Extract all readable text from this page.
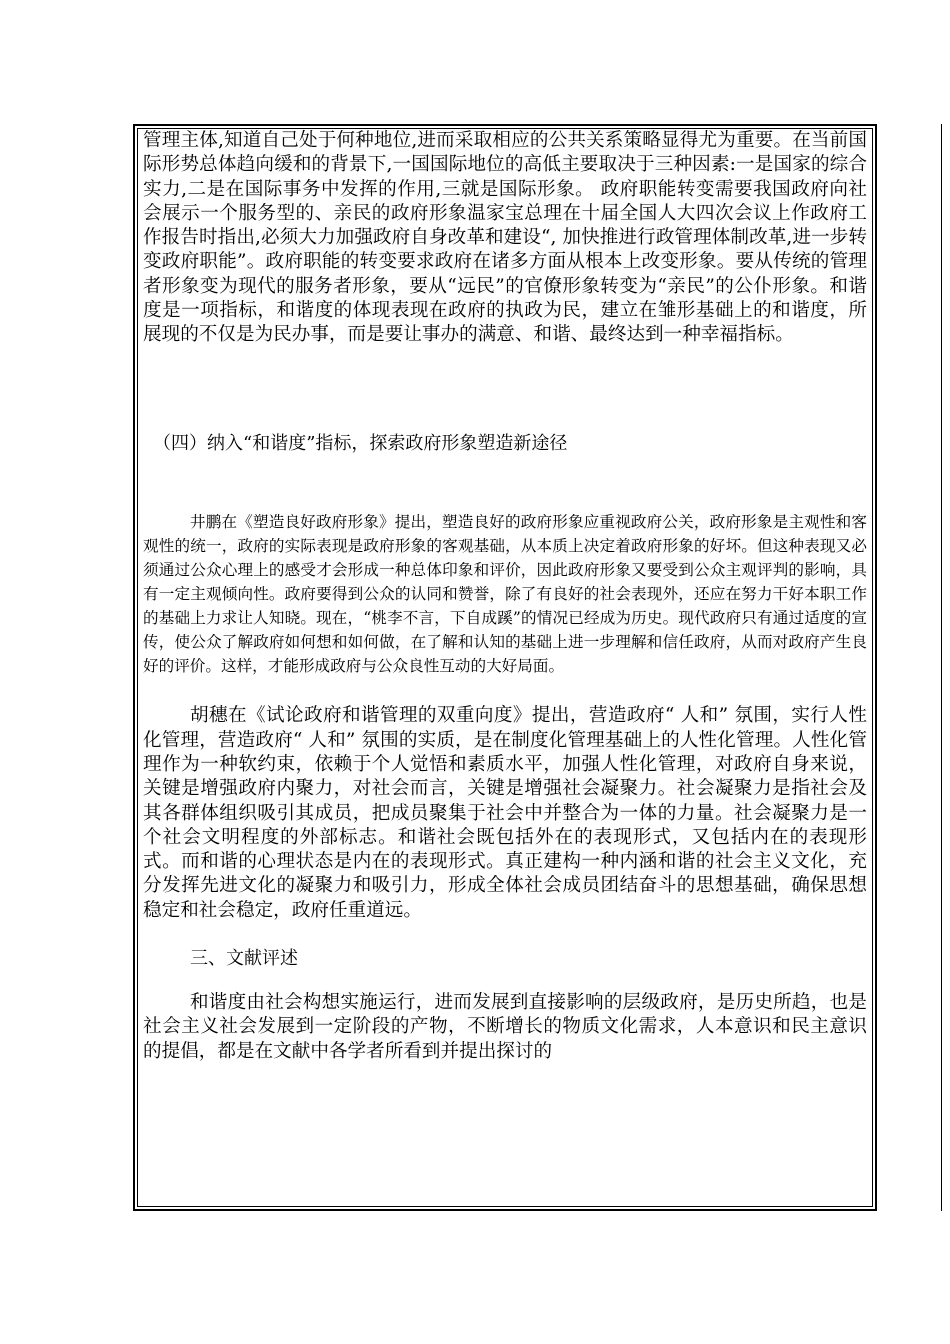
管理主体,知道自己处于何种地位,进而采取相应的公共关系策略显得尤为重要。在当前国际形势总体趋向缓和的背景下,一国国际地位的高低主要取决于三种因素:一是国家的综合实力,二是在国际事务中发挥的作用,三就是国际形象。 政府职能转变需要我国政府向社会展示一个服务型的、亲民的政府形象温家宝总理在十届全国人大四次会议上作政府工作报告时指出,必须大力加强政府自身改革和建设“, 加快推进行政管理体制改革,进一步转变政府职能”。政府职能的转变要求政府在诸多方面从根本上改变形象。要从传统的管理者形象变为现代的服务者形象，要从“远民”的官僚形象转变为“亲民”的公仆形象。和谐度是一项指标，和谐度的体现表现在政府的执政为民，建立在雏形基础上的和谐度，所展现的不仅是为民办事，而是要让事办的满意、和谐、最终达到一种幸福指标。

（四）纳入“和谐度”指标，探索政府形象塑造新途径

井鹏在《塑造良好政府形象》提出，塑造良好的政府形象应重视政府公关，政府形象是主观性和客观性的统一，政府的实际表现是政府形象的客观基础，从本质上决定着政府形象的好坏。但这种表现又必须通过公众心理上的感受才会形成一种总体印象和评价，因此政府形象又要受到公众主观评判的影响，具有一定主观倾向性。政府要得到公众的认同和赞誉，除了有良好的社会表现外，还应在努力干好本职工作的基础上力求让人知晓。现在，“桃李不言，下自成蹊”的情况已经成为历史。现代政府只有通过适度的宣传，使公众了解政府如何想和如何做，在了解和认知的基础上进一步理解和信任政府，从而对政府产生良好的评价。这样，才能形成政府与公众良性互动的大好局面。

胡穗在《试论政府和谐管理的双重向度》提出，营造政府“ 人和” 氛围，实行人性化管理，营造政府“ 人和” 氛围的实质，是在制度化管理基础上的人性化管理。人性化管理作为一种软约束，依赖于个人觉悟和素质水平，加强人性化管理，对政府自身来说，关键是增强政府内聚力，对社会而言，关键是增强社会凝聚力。社会凝聚力是指社会及其各群体组织吸引其成员，把成员聚集于社会中并整合为一体的力量。社会凝聚力是一个社会文明程度的外部标志。和谐社会既包括外在的表现形式，又包括内在的表现形式。而和谐的心理状态是内在的表现形式。真正建构一种内涵和谐的社会主义文化，充分发挥先进文化的凝聚力和吸引力，形成全体社会成员团结奋斗的思想基础，确保思想稳定和社会稳定，政府任重道远。

三、文献评述

和谐度由社会构想实施运行，进而发展到直接影响的层级政府，是历史所趋，也是社会主义社会发展到一定阶段的产物，不断增长的物质文化需求，人本意识和民主意识的提倡，都是在文献中各学者所看到并提出探讨的
